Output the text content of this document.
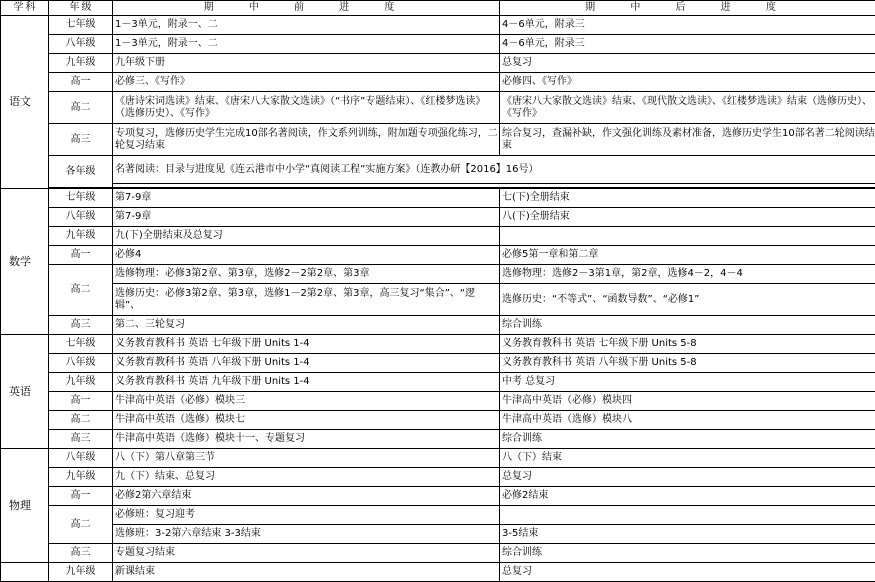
学科	年级	期 中 前 进 度	期 中 后 进 度
语文	七年级	1－3单元，附录一、二	4－6单元，附录三
	八年级	1－3单元，附录一、二	4－6单元，附录三
	九年级	九年级下册	总复习
	高一	必修三、《写作》	必修四、《写作》
	高二	《唐诗宋词选读》结束、《唐宋八大家散文选读》（“书序”专题结束）、《红楼梦选读》（选修历史）、《写作》	《唐宋八大家散文选读》结束、《现代散文选读》、《红楼梦选读》结束（选修历史）、《写作》
	高三	专项复习，选修历史学生完成10部名著阅读，作文系列训练，附加题专项强化练习，二轮复习结束	综合复习，查漏补缺，作文强化训练及素材准备，选修历史学生10部名著二轮阅读结束
	各年级	名著阅读：目录与进度见《连云港市中小学“真阅读工程”实施方案》（连教办研【2016】16号）	

数学	七年级	第7-9章	七(下)全册结束
	八年级	第7-9章	八(下)全册结束
	九年级	九(下)全册结束及总复习	
	高一	必修4	必修5第一章和第二章
	高二	选修物理：必修3第2章、第3章，选修2－2第2章、第3章	选修物理：选修2－3第1章，第2章，选修4－2，4－4
		选修历史：必修3第2章、第3章，选修1－2第2章、第3章，高三复习“集合”、“逻辑”、	选修历史：“不等式”、“函数导数”、“必修1”
	高三	第二、三轮复习	综合训练
英语	七年级	义务教育教科书 英语 七年级下册 Units 1-4	义务教育教科书 英语 七年级下册 Units 5-8
	八年级	义务教育教科书 英语 八年级下册 Units 1-4	义务教育教科书 英语 八年级下册 Units 5-8
	九年级	义务教育教科书 英语 九年级下册 Units 1-4	中考 总复习
	高一	牛津高中英语（必修）模块三	牛津高中英语（必修）模块四
	高二	牛津高中英语（选修）模块七	牛津高中英语（选修）模块八
	高三	牛津高中英语（选修）模块十一、专题复习	综合训练
物理	八年级	八（下）第八章第三节	八（下）结束
	九年级	九（下）结束、总复习	总复习
	高一	必修2第六章结束	必修2结束
	高二	必修班：复习迎考	
		选修班：3-2第六章结束 3-3结束	3-5结束
	高三	专题复习结束	综合训练
	九年级	新课结束	总复习
